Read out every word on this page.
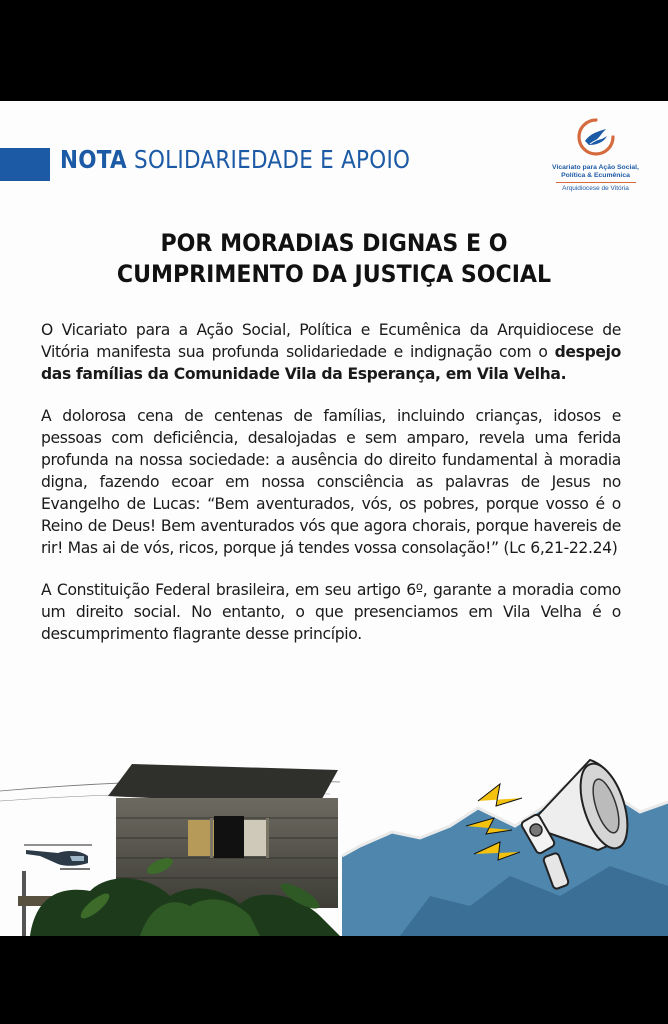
NOTA SOLIDARIEDADE E APOIO	Vicariato para Ação Social,
Política & Ecumênica
Arquidiocese de Vitória
POR MORADIAS DIGNAS E O
CUMPRIMENTO DA JUSTIÇA SOCIAL

O Vicariato para a Ação Social, Política e Ecumênica da Arquidiocese de Vitória manifesta sua profunda solidariedade e indignação com o despejo das famílias da Comunidade Vila da Esperança, em Vila Velha.

A dolorosa cena de centenas de famílias, incluindo crianças, idosos e pessoas com deficiência, desalojadas e sem amparo, revela uma ferida profunda na nossa sociedade: a ausência do direito fundamental à moradia digna, fazendo ecoar em nossa consciência as palavras de Jesus no Evangelho de Lucas: “Bem aventurados, vós, os pobres, porque vosso é o Reino de Deus! Bem aventurados vós que agora chorais, porque havereis de rir! Mas ai de vós, ricos, porque já tendes vossa consolação!” (Lc 6,21-22.24)

A Constituição Federal brasileira, em seu artigo 6º, garante a moradia como um direito social. No entanto, o que presenciamos em Vila Velha é o descumprimento flagrante desse princípio.
